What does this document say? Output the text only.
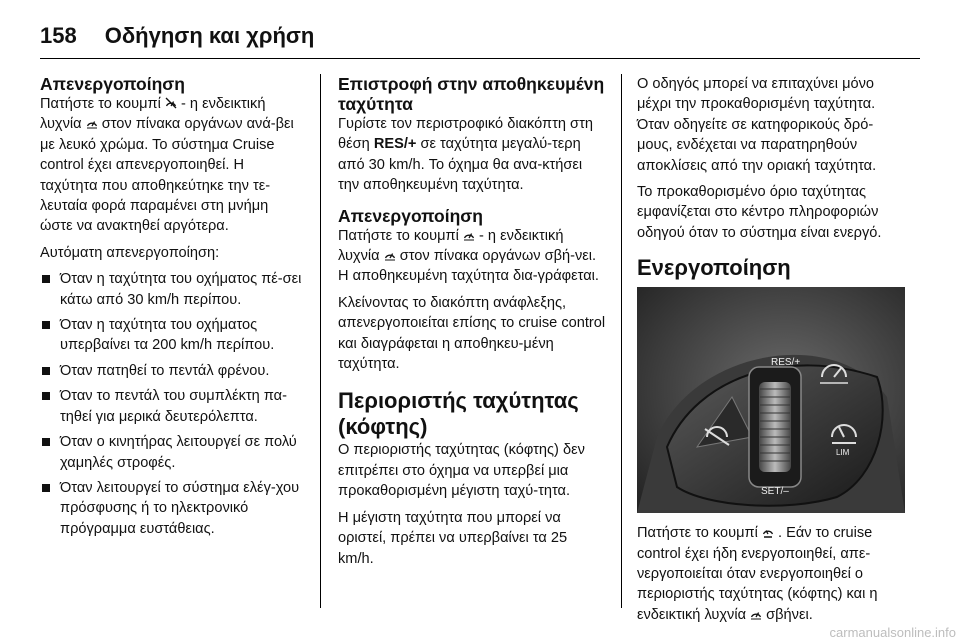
158 Οδήγηση και χρήση
Απενεργοποίηση

Πατήστε το κουμπί - η ενδεικτική λυχνία στον πίνακα οργάνων ανά-βει με λευκό χρώμα. Το σύστημα Cruise control έχει απενεργοποιηθεί. Η ταχύτητα που αποθηκεύτηκε την τε-λευταία φορά παραμένει στη μνήμη ώστε να ανακτηθεί αργότερα.

Αυτόματη απενεργοποίηση:

Όταν η ταχύτητα του οχήματος πέ-σει κάτω από 30 km/h περίπου.
Όταν η ταχύτητα του οχήματος υπερβαίνει τα 200 km/h περίπου.
Όταν πατηθεί το πεντάλ φρένου.
Όταν το πεντάλ του συμπλέκτη πα-τηθεί για μερικά δευτερόλεπτα.
Όταν ο κινητήρας λειτουργεί σε πολύ χαμηλές στροφές.
Όταν λειτουργεί το σύστημα ελέγ-χου πρόσφυσης ή το ηλεκτρονικό πρόγραμμα ευστάθειας.
Επιστροφή στην αποθηκευμένη ταχύτητα

Γυρίστε τον περιστροφικό διακόπτη στη θέση RES/+ σε ταχύτητα μεγαλύ-τερη από 30 km/h. Το όχημα θα ανα-κτήσει την αποθηκευμένη ταχύτητα.

Απενεργοποίηση

Πατήστε το κουμπί - η ενδεικτική λυχνία στον πίνακα οργάνων σβή-νει. Η αποθηκευμένη ταχύτητα δια-γράφεται.

Κλείνοντας το διακόπτη ανάφλεξης, απενεργοποιείται επίσης το cruise control και διαγράφεται η αποθηκευ-μένη ταχύτητα.

Περιοριστής ταχύτητας (κόφτης)

Ο περιοριστής ταχύτητας (κόφτης) δεν επιτρέπει στο όχημα να υπερβεί μια προκαθορισμένη μέγιστη ταχύ-τητα.

Η μέγιστη ταχύτητα που μπορεί να οριστεί, πρέπει να υπερβαίνει τα 25 km/h.

Ο οδηγός μπορεί να επιταχύνει μόνο μέχρι την προκαθορισμένη ταχύτητα. Όταν οδηγείτε σε κατηφορικούς δρό-μους, ενδέχεται να παρατηρηθούν αποκλίσεις από την οριακή ταχύτητα.

Το προκαθορισμένο όριο ταχύτητας εμφανίζεται στο κέντρο πληροφοριών οδηγού όταν το σύστημα είναι ενεργό.

Ενεργοποίηση
RES/+
SET/–
LIM

Πατήστε το κουμπί . Εάν το cruise control έχει ήδη ενεργοποιηθεί, απε-νεργοποιείται όταν ενεργοποιηθεί ο περιοριστής ταχύτητας (κόφτης) και η ενδεικτική λυχνία σβήνει.

carmanualsonline.info
